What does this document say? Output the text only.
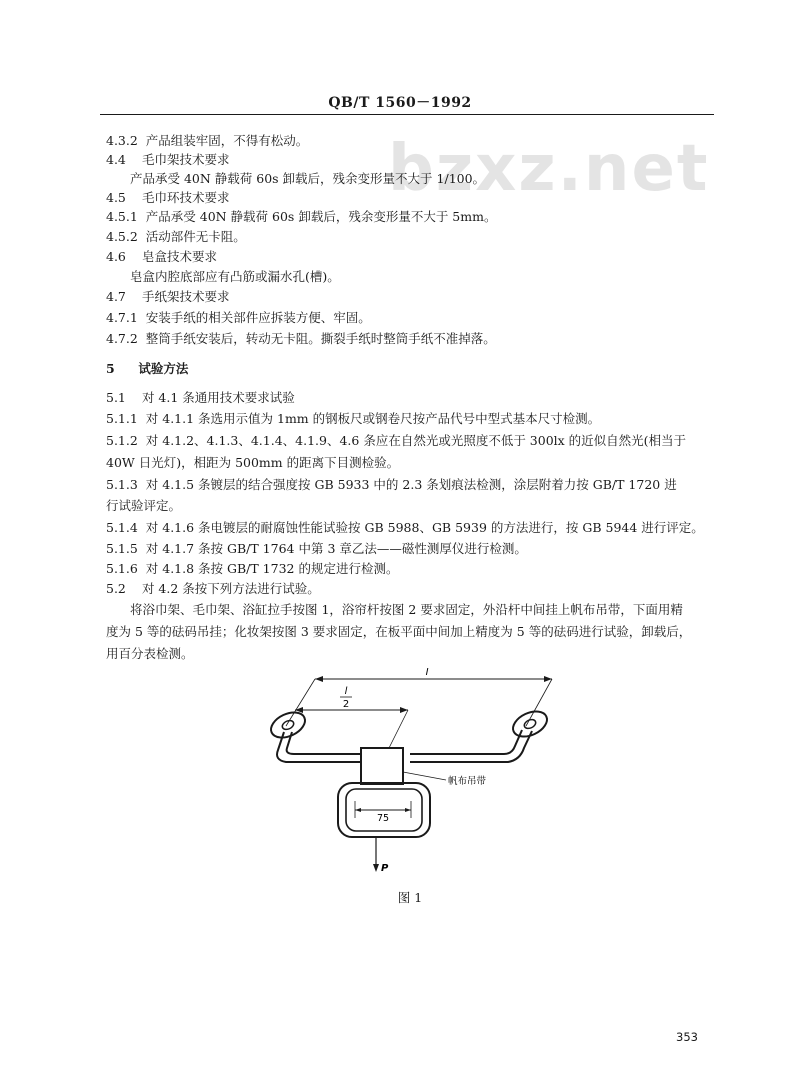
QB/T 1560－1992
bzxz.net
4.3.2 产品组装牢固，不得有松动。
4.4 毛巾架技术要求
产品承受 40N 静载荷 60s 卸载后，残余变形量不大于 1/100。
4.5 毛巾环技术要求
4.5.1 产品承受 40N 静载荷 60s 卸载后，残余变形量不大于 5mm。
4.5.2 活动部件无卡阻。
4.6 皂盒技术要求
皂盒内腔底部应有凸筋或漏水孔(槽)。
4.7 手纸架技术要求
4.7.1 安装手纸的相关部件应拆装方便、牢固。
4.7.2 整筒手纸安装后，转动无卡阻。撕裂手纸时整筒手纸不准掉落。
5 试验方法
5.1 对 4.1 条通用技术要求试验
5.1.1 对 4.1.1 条选用示值为 1mm 的钢板尺或钢卷尺按产品代号中型式基本尺寸检测。
5.1.2 对 4.1.2、4.1.3、4.1.4、4.1.9、4.6 条应在自然光或光照度不低于 300lx 的近似自然光(相当于
40W 日光灯)，相距为 500mm 的距离下目测检验。
5.1.3 对 4.1.5 条镀层的结合强度按 GB 5933 中的 2.3 条划痕法检测，涂层附着力按 GB/T 1720 进
行试验评定。
5.1.4 对 4.1.6 条电镀层的耐腐蚀性能试验按 GB 5988、GB 5939 的方法进行，按 GB 5944 进行评定。
5.1.5 对 4.1.7 条按 GB/T 1764 中第 3 章乙法——磁性测厚仪进行检测。
5.1.6 对 4.1.8 条按 GB/T 1732 的规定进行检测。
5.2 对 4.2 条按下列方法进行试验。
将浴巾架、毛巾架、浴缸拉手按图 1，浴帘杆按图 2 要求固定，外沿杆中间挂上帆布吊带，下面用精
度为 5 等的砝码吊挂；化妆架按图 3 要求固定，在板平面中间加上精度为 5 等的砝码进行试验，卸载后，
用百分表检测。
l
l
2
帆布吊带
75
P
图 1
353
